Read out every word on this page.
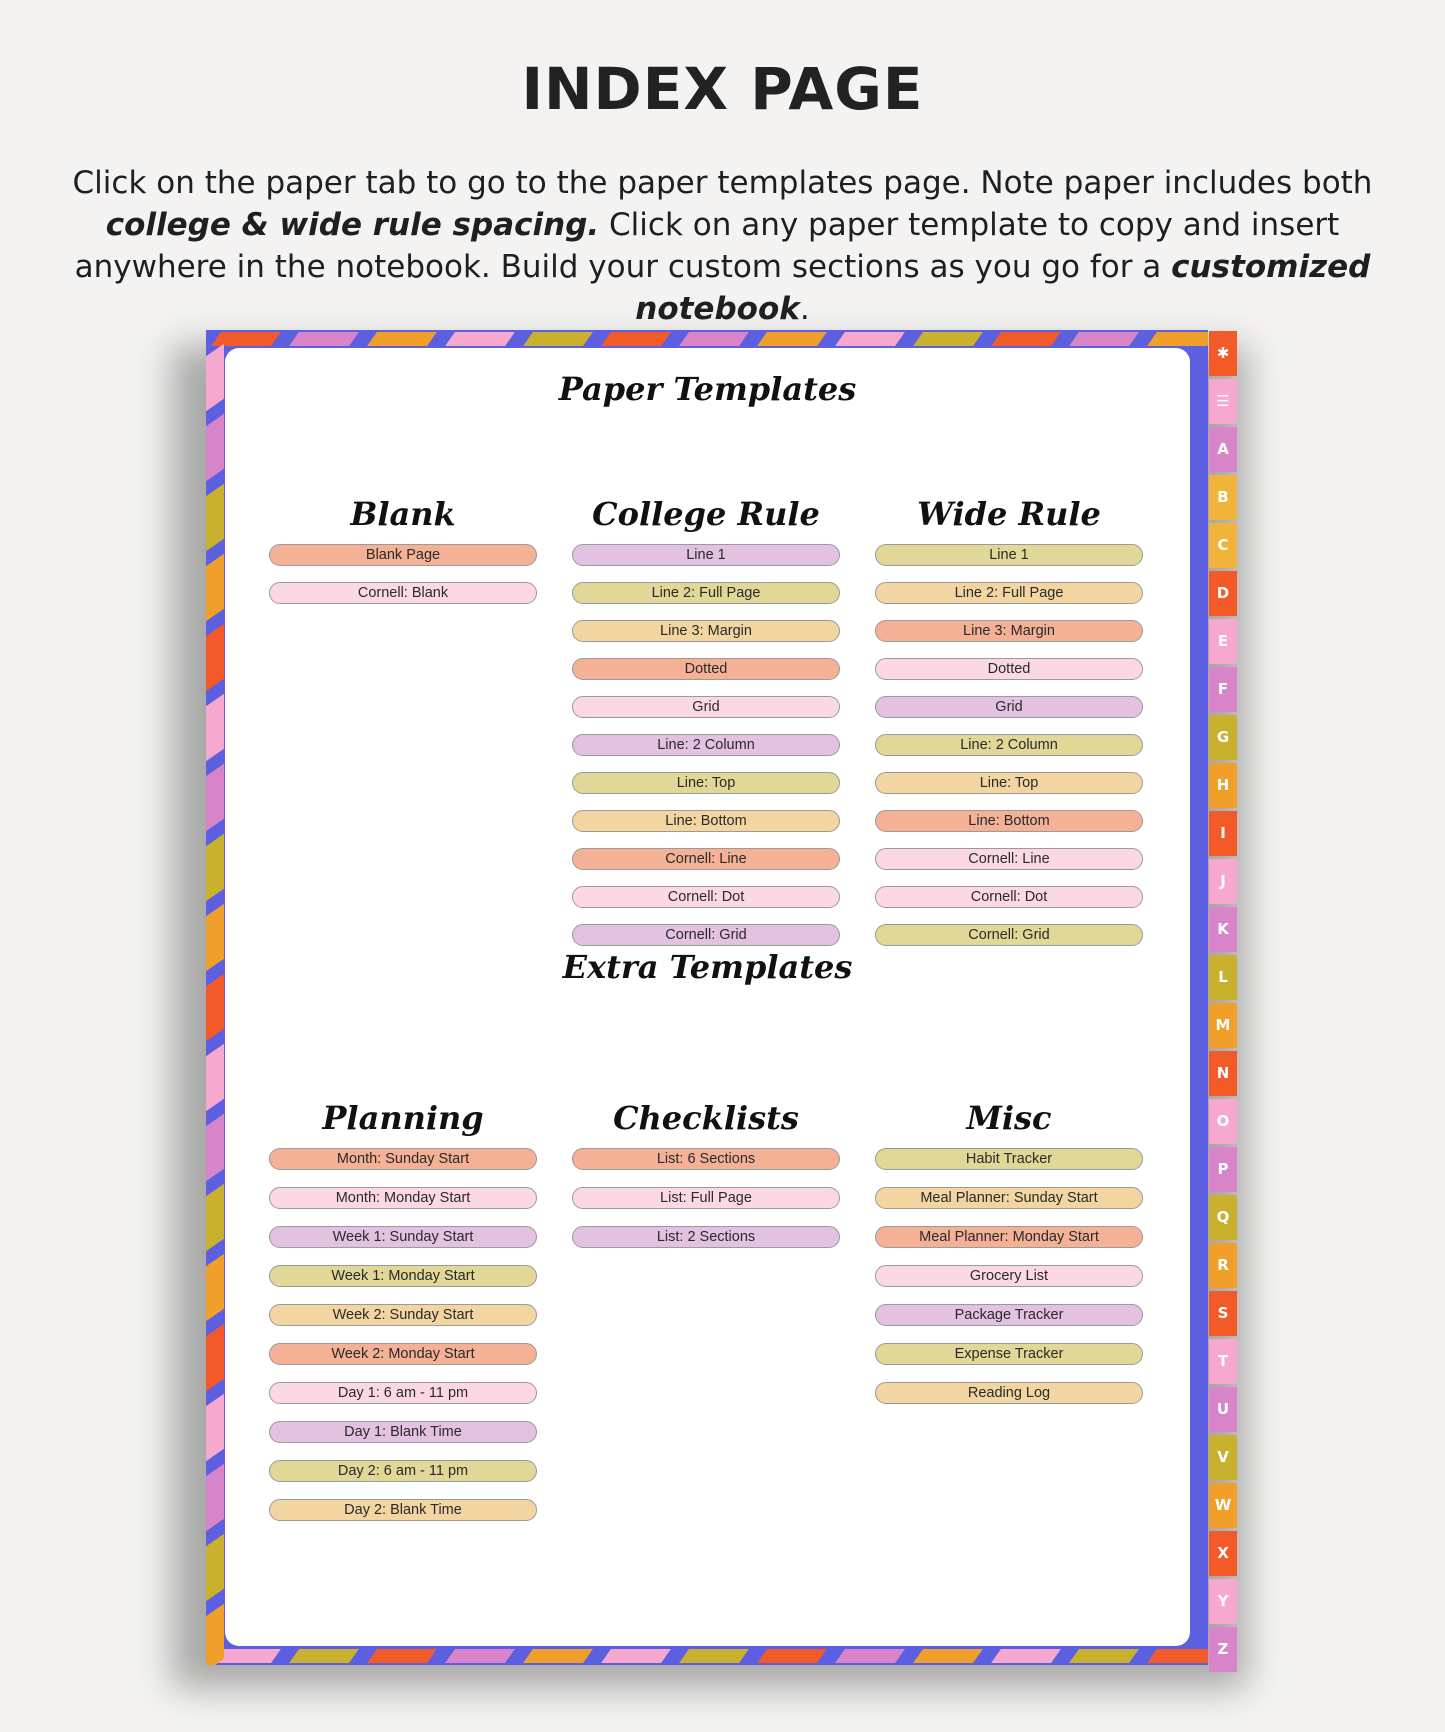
INDEX PAGE
Click on the paper tab to go to the paper templates page. Note paper includes both college & wide rule spacing. Click on any paper template to copy and insert anywhere in the notebook. Build your custom sections as you go for a customized notebook.
Paper Templates
Blank
Blank Page
Cornell: Blank
College Rule
Line 1
Line 2: Full Page
Line 3: Margin
Dotted
Grid
Line: 2 Column
Line: Top
Line: Bottom
Cornell: Line
Cornell: Dot
Cornell: Grid
Wide Rule
Line 1
Line 2: Full Page
Line 3: Margin
Dotted
Grid
Line: 2 Column
Line: Top
Line: Bottom
Cornell: Line
Cornell: Dot
Cornell: Grid
Extra Templates
Planning
Month: Sunday Start
Month: Monday Start
Week 1: Sunday Start
Week 1: Monday Start
Week 2: Sunday Start
Week 2: Monday Start
Day 1: 6 am - 11 pm
Day 1: Blank Time
Day 2: 6 am - 11 pm
Day 2: Blank Time
Checklists
List: 6 Sections
List: Full Page
List: 2 Sections
Misc
Habit Tracker
Meal Planner: Sunday Start
Meal Planner: Monday Start
Grocery List
Package Tracker
Expense Tracker
Reading Log
✱
☰
A
B
C
D
E
F
G
H
I
J
K
L
M
N
O
P
Q
R
S
T
U
V
W
X
Y
Z
